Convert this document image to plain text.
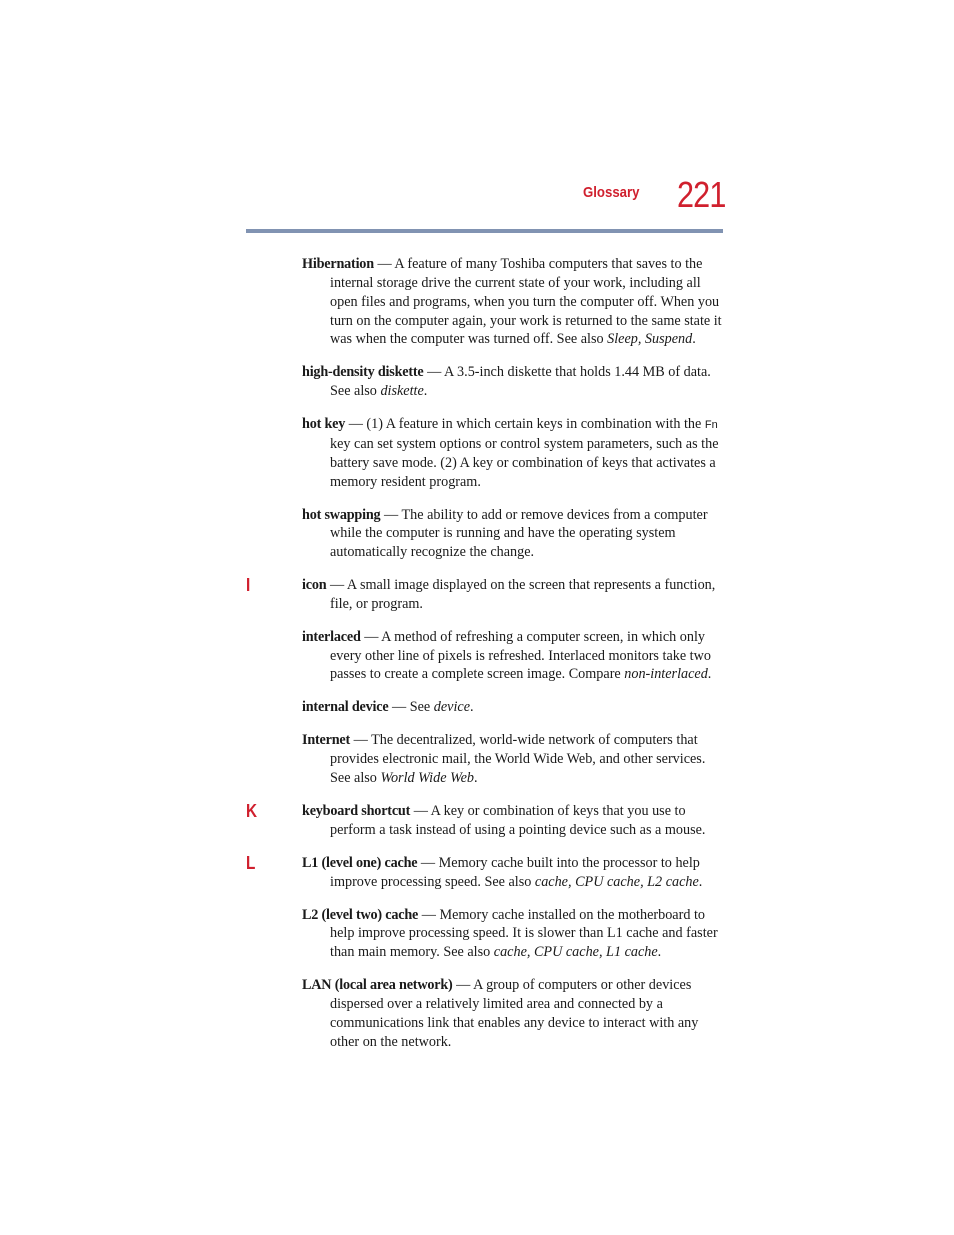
Glossary 221

Hibernation — A feature of many Toshiba computers that saves to the internal storage drive the current state of your work, including all open files and programs, when you turn the computer off. When you turn on the computer again, your work is returned to the same state it was when the computer was turned off. See also Sleep, Suspend.

high-density diskette — A 3.5-inch diskette that holds 1.44 MB of data. See also diskette.

hot key — (1) A feature in which certain keys in combination with the Fn key can set system options or control system parameters, such as the battery save mode. (2) A key or combination of keys that activates a memory resident program.

hot swapping — The ability to add or remove devices from a computer while the computer is running and have the operating system automatically recognize the change.

I	icon — A small image displayed on the screen that represents a function, file, or program.

interlaced — A method of refreshing a computer screen, in which only every other line of pixels is refreshed. Interlaced monitors take two passes to create a complete screen image. Compare non-interlaced.

internal device — See device.

Internet — The decentralized, world-wide network of computers that provides electronic mail, the World Wide Web, and other services. See also World Wide Web.

K	keyboard shortcut — A key or combination of keys that you use to perform a task instead of using a pointing device such as a mouse.

L	L1 (level one) cache — Memory cache built into the processor to help improve processing speed. See also cache, CPU cache, L2 cache.

L2 (level two) cache — Memory cache installed on the motherboard to help improve processing speed. It is slower than L1 cache and faster than main memory. See also cache, CPU cache, L1 cache.

LAN (local area network) — A group of computers or other devices dispersed over a relatively limited area and connected by a communications link that enables any device to interact with any other on the network.
